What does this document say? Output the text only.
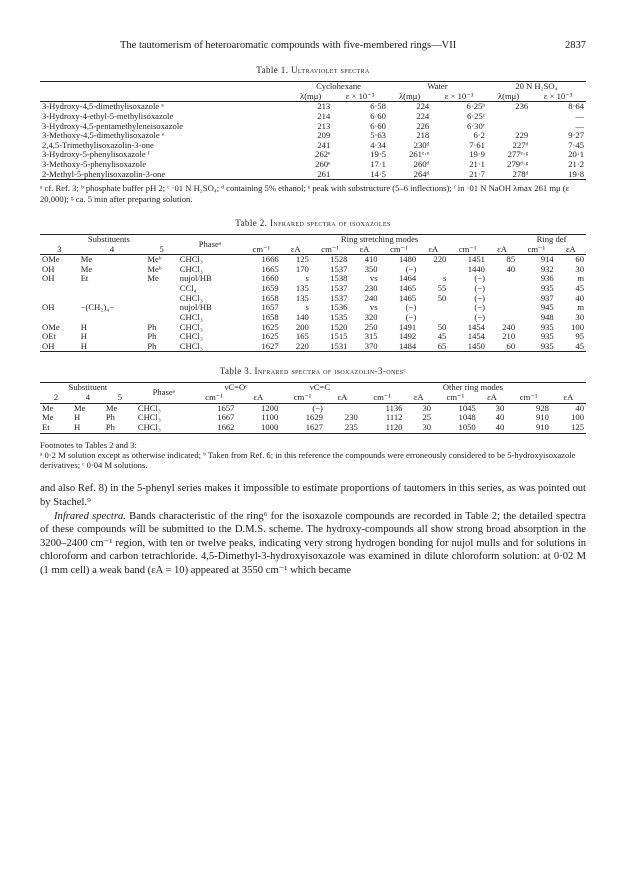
The tautomerism of heteroaromatic compounds with five-membered rings—VII	2837
Table 1. Ultraviolet spectra
	Cyclohexane		Water		20 N H₂SO₄	
	λ(mμ)	ε × 10⁻³	λ(mμ)	ε × 10⁻³	λ(mμ)	ε × 10⁻³
3-Hydroxy-4,5-dimethylisoxazole ᵃ	213	6·58	224	6·25ᵇ	236	8·64
3-Hydroxy-4-ethyl-5-methylisoxazole	214	6·60	224	6·25ᶜ		—
3-Hydroxy-4,5-pentamethyleneisoxazole	213	6·60	226	6·30ᶜ		—
3-Methoxy-4,5-dimethylisoxazole ᵃ	209	5·63	218	6·2	229	9·27
2,4,5-Trimethylisoxazolin-3-one	241	4·34	230ᵈ	7·61	227ᵈ	7·45
3-Hydroxy-5-phenylisoxazole ᶠ	262ᵉ	19·5	261ᶜ·ᵉ	19·9	277ᵉ·ᵍ	20·1
3-Methoxy-5-phenylisoxazole	260ᵉ	17·1	260ᵈ	21·1	279ᵈ·ᵍ	21·2
2-Methyl-5-phenylisoxazolin-3-one	261	14·5	264ᵈ	21·7	278ᵈ	19·8
ᵃ cf. Ref. 3; ᵇ phosphate buffer pH 2; ᶜ ·01 N H₂SO₄; ᵈ containing 5% ethanol; ᵉ peak with substructure (5–6 inflections); ᶠ in ·01 N NaOH λmax 261 mμ (ε 20,000); ᵍ ca. 5 min after preparing solution.
Table 2. Infrared spectra of isoxazoles
Substituents			Phaseᵃ	Ring stretching modes								Ring def	
3	4	5		cm⁻¹	εA	cm⁻¹	εA	cm⁻¹	εA	cm⁻¹	εA	cm⁻¹	εA
OMe	Me	Meᵇ	CHCl₃	1666	125	1528	410	1480	220	1451	85	914	60
OH	Me	Meᵇ	CHCl₃	1665	170	1537	350	(−)		1440	40	932	30
OH	Et	Me	nujol/HB	1660	s	1538	vs	1464	s	(−)		936	m
			CCl₄	1659	135	1537	230	1465	55	(−)		935	45
			CHCl₃	1658	135	1537	240	1465	50	(−)		937	40
OH	−(CH₂)₄−		nujol/HB	1657	s	1536	vs	(−)		(−)		945	m
			CHCl₃	1658	140	1535	320	(−)		(−)		948	30
OMe	H	Ph	CHCl₃	1625	200	1520	250	1491	50	1454	240	935	100
OEt	H	Ph	CHCl₃	1625	165	1515	315	1492	45	1454	210	935	95
OH	H	Ph	CHCl₃	1627	220	1531	370	1484	65	1450	60	935	45
Table 3. Infrared spectra of isoxazolin-3-onesᶜ
Substituent			Phaseᵃ	νC=Oᶜ		νC=C		Other ring modes					
2	4	5		cm⁻¹	εA	cm⁻¹	εA	cm⁻¹	εA	cm⁻¹	εA	cm⁻¹	εA
Me	Me	Me	CHCl₃	1657	1200	(−)		1136	30	1045	30	928	40
Me	H	Ph	CHCl₃	1667	1100	1629	230	1112	25	1048	40	910	100
Et	H	Ph	CHCl₃	1662	1000	1627	235	1120	30	1050	40	910	125
Footnotes to Tables 2 and 3:
ᵃ 0·2 M solution except as otherwise indicated; ᵇ Taken from Ref. 6; in this reference the compounds were erroneously considered to be 5-hydroxyisoxazole derivatives; ᶜ 0·04 M solutions.

and also Ref. 8) in the 5-phenyl series makes it impossible to estimate proportions of tautomers in this series, as was pointed out by Stachel.⁹

Infrared spectra. Bands characteristic of the ring⁶ for the isoxazole compounds are recorded in Table 2; the detailed spectra of these compounds will be submitted to the D.M.S. scheme. The hydroxy-compounds all show strong broad absorption in the 3200–2400 cm⁻¹ region, with ten or twelve peaks, indicating very strong hydrogen bonding for nujol mulls and for solutions in chloroform and carbon tetrachloride. 4,5-Dimethyl-3-hydroxyisoxazole was examined in dilute chloroform solution: at 0·02 M (1 mm cell) a weak band (εA = 10) appeared at 3550 cm⁻¹ which became
